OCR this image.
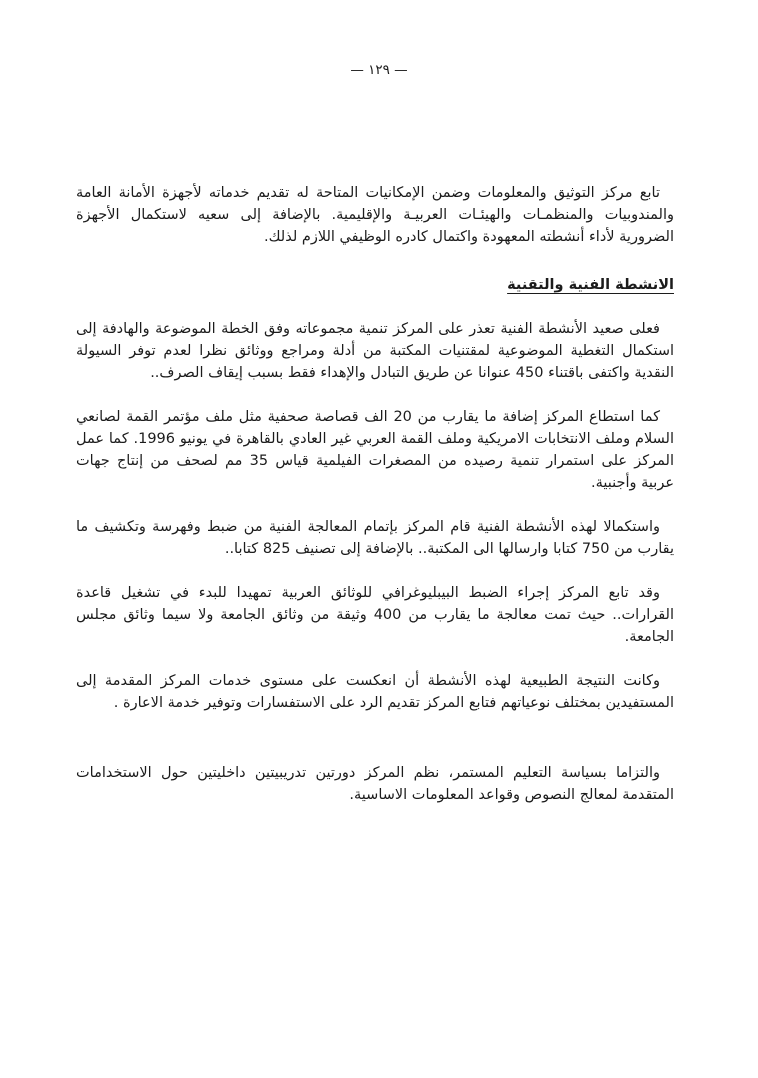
— ١٢٩ —

تابع مركز التوثيق والمعلومات وضمن الإمكانيات المتاحة له تقديم خدماته لأجهزة الأمانة العامة والمندوبيات والمنظمـات والهيئـات العربيـة والإقليمية. بالإضافة إلى سعيه لاستكمال الأجهزة الضرورية لأداء أنشطته المعهودة واكتمال كادره الوظيفي اللازم لذلك.

الانشطة الفنية والتقنية

فعلى صعيد الأنشطة الفنية تعذر على المركز تنمية مجموعاته وفق الخطة الموضوعة والهادفة إلى استكمال التغطية الموضوعية لمقتنيات المكتبة من أدلة ومراجع ووثائق نظرا لعدم توفر السيولة النقدية واكتفى باقتناء 450 عنوانا عن طريق التبادل والإهداء فقط بسبب إيقاف الصرف..

كما استطاع المركز إضافة ما يقارب من 20 الف قصاصة صحفية مثل ملف مؤتمر القمة لصانعي السلام وملف الانتخابات الامريكية وملف القمة العربي غير العادي بالقاهرة في يونيو 1996. كما عمل المركز على استمرار تنمية رصيده من المصغرات الفيلمية قياس 35 مم لصحف من إنتاج جهات عربية وأجنبية.

واستكمالا لهذه الأنشطة الفنية قام المركز بإتمام المعالجة الفنية من ضبط وفهرسة وتكشيف ما يقارب من 750 كتابا وارسالها الى المكتبة.. بالإضافة إلى تصنيف 825 كتابا..

وقد تابع المركز إجراء الضبط البيبليوغرافي للوثائق العربية تمهيدا للبدء في تشغيل قاعدة القرارات.. حيث تمت معالجة ما يقارب من 400 وثيقة من وثائق الجامعة ولا سيما وثائق مجلس الجامعة.

وكانت النتيجة الطبيعية لهذه الأنشطة أن انعكست على مستوى خدمات المركز المقدمة إلى المستفيدين بمختلف نوعياتهم فتابع المركز تقديم الرد على الاستفسارات وتوفير خدمة الاعارة .

والتزاما بسياسة التعليم المستمر، نظم المركز دورتين تدريبيتين داخليتين حول الاستخدامات المتقدمة لمعالج النصوص وقواعد المعلومات الاساسية.
